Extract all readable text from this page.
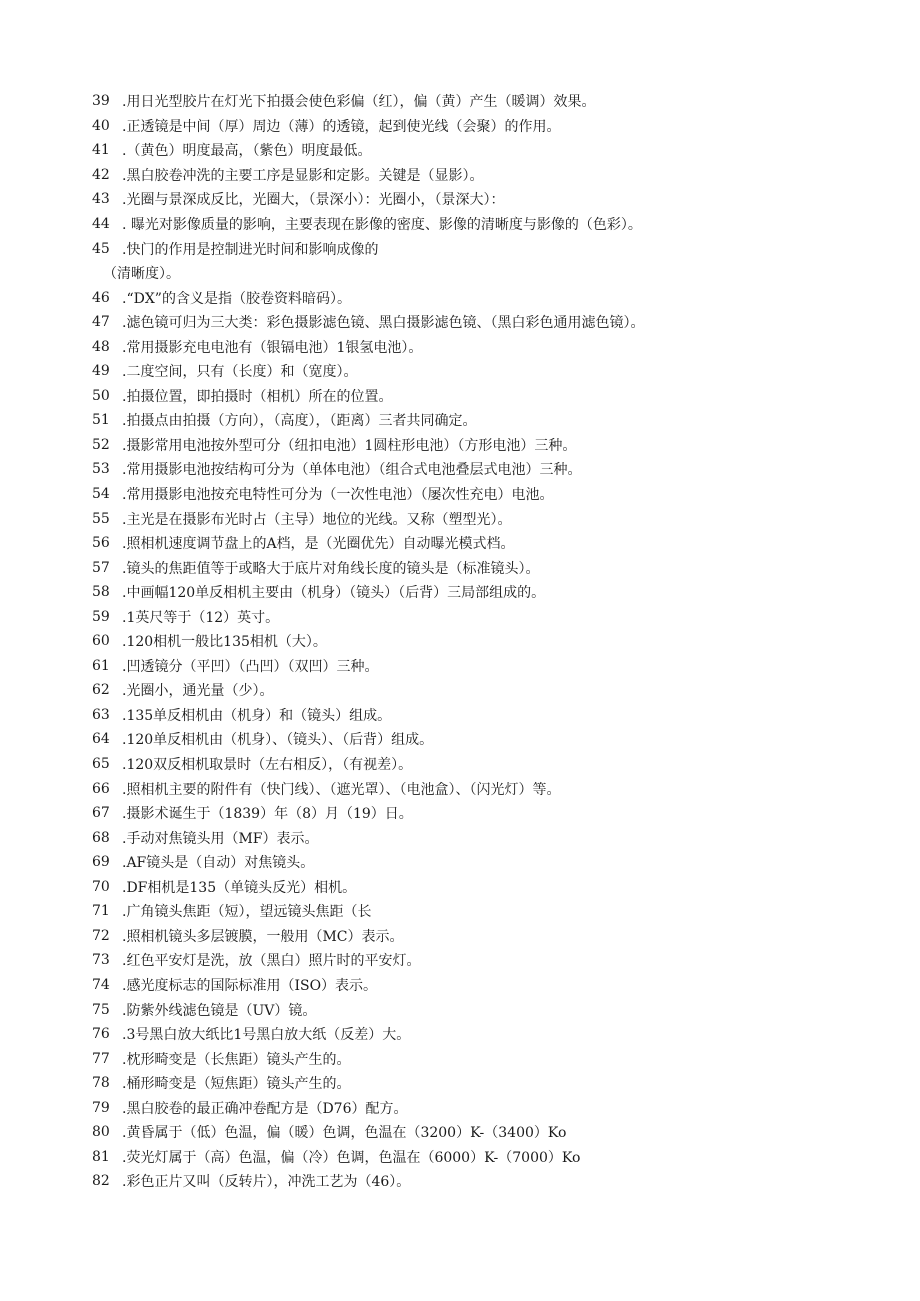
39 .用日光型胶片在灯光下拍摄会使色彩偏（红），偏（黄）产生（暖调）效果。
40 .正透镜是中间（厚）周边（薄）的透镜，起到使光线（会聚）的作用。
41 .（黄色）明度最高，（紫色）明度最低。
42 .黑白胶卷冲洗的主要工序是显影和定影。关键是（显影）。
43 .光圈与景深成反比，光圈大，（景深小）：光圈小，（景深大）：
44 . 曝光对影像质量的影响，主要表现在影像的密度、影像的清晰度与影像的（色彩）。
45 .快门的作用是控制进光时间和影响成像的
（清晰度）。
46 .“DX”的含义是指（胶卷资料暗码）。
47 .滤色镜可归为三大类：彩色摄影滤色镜、黑白摄影滤色镜、（黑白彩色通用滤色镜）。
48 .常用摄影充电电池有（银镉电池）1银氢电池）。
49 .二度空间，只有（长度）和（宽度）。
50 .拍摄位置，即拍摄时（相机）所在的位置。
51 .拍摄点由拍摄（方向），（高度），（距离）三者共同确定。
52 .摄影常用电池按外型可分（纽扣电池）1圆柱形电池）（方形电池）三种。
53 .常用摄影电池按结构可分为（单体电池）（组合式电池叠层式电池）三种。
54 .常用摄影电池按充电特性可分为（一次性电池）（屡次性充电）电池。
55 .主光是在摄影布光时占（主导）地位的光线。又称（塑型光）。
56 .照相机速度调节盘上的A档，是（光圈优先）自动曝光模式档。
57 .镜头的焦距值等于或略大于底片对角线长度的镜头是（标准镜头）。
58 .中画幅120单反相机主要由（机身）（镜头）（后背）三局部组成的。
59 .1英尺等于（12）英寸。
60 .120相机一般比135相机（大）。
61 .凹透镜分（平凹）（凸凹）（双凹）三种。
62 .光圈小，通光量（少）。
63 .135单反相机由（机身）和（镜头）组成。
64 .120单反相机由（机身）、（镜头）、（后背）组成。
65 .120双反相机取景时（左右相反），（有视差）。
66 .照相机主要的附件有（快门线）、（遮光罩）、（电池盒）、（闪光灯）等。
67 .摄影术诞生于（1839）年（8）月（19）日。
68 .手动对焦镜头用（MF）表示。
69 .AF镜头是（自动）对焦镜头。
70 .DF相机是135（单镜头反光）相机。
71 .广角镜头焦距（短），望远镜头焦距（长
72 .照相机镜头多层镀膜，一般用（MC）表示。
73 .红色平安灯是洗，放（黑白）照片时的平安灯。
74 .感光度标志的国际标准用（ISO）表示。
75 .防紫外线滤色镜是（UV）镜。
76 .3号黑白放大纸比1号黑白放大纸（反差）大。
77 .枕形畸变是（长焦距）镜头产生的。
78 .桶形畸变是（短焦距）镜头产生的。
79 .黑白胶卷的最正确冲卷配方是（D76）配方。
80 .黄昏属于（低）色温，偏（暖）色调，色温在（3200）K-（3400）Ko
81 .荧光灯属于（高）色温，偏（冷）色调，色温在（6000）K-（7000）Ko
82 .彩色正片又叫（反转片），冲洗工艺为（46）。
